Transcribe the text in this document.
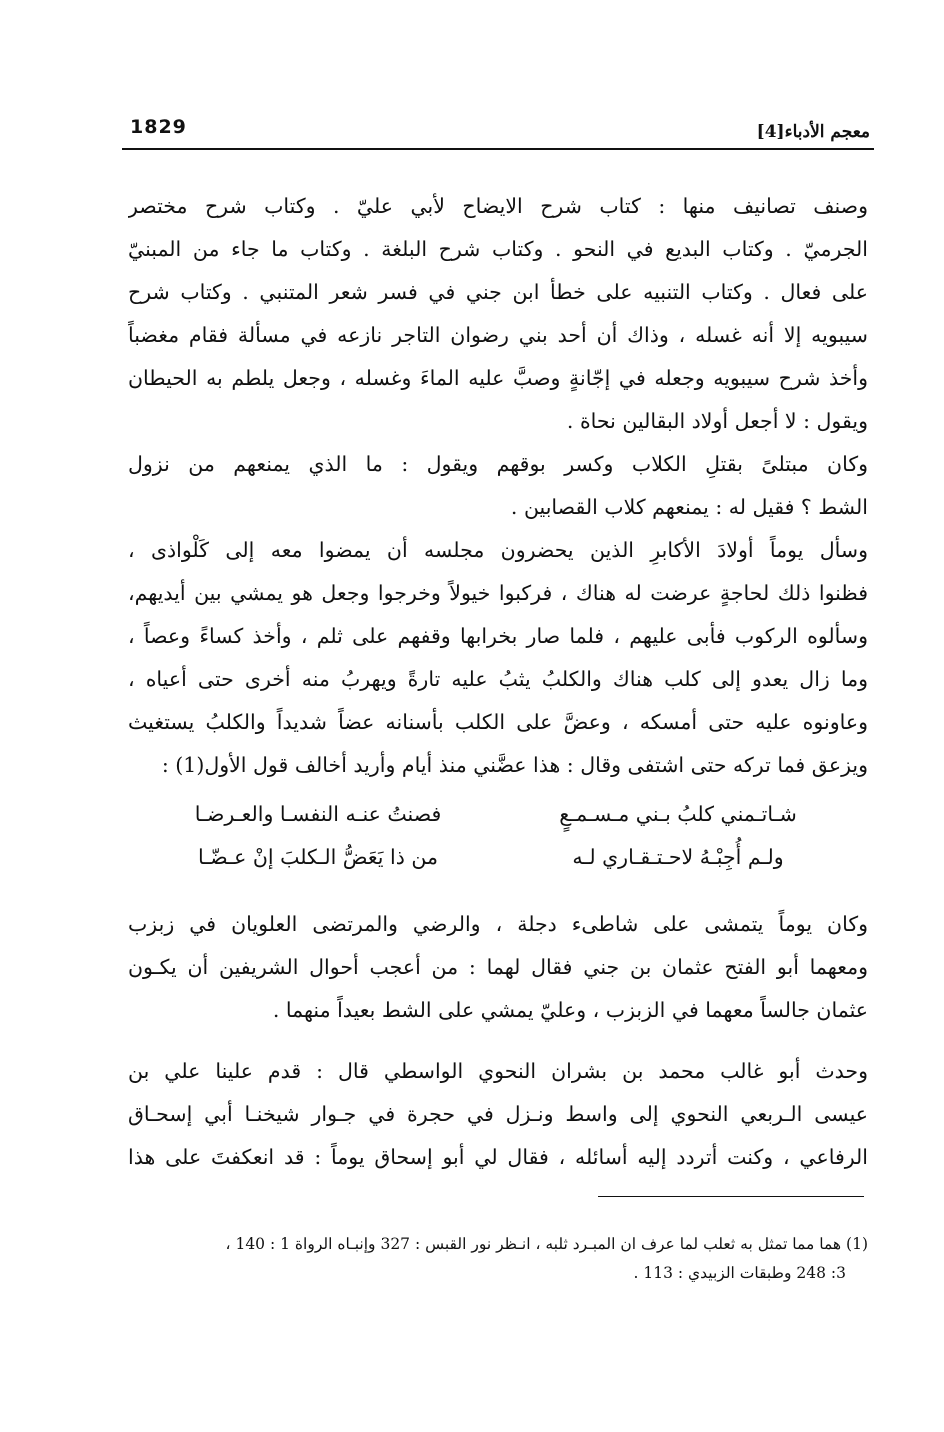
1829	معجم الأدباء[4]
وصنف تصانيف منها : كتاب شرح الايضاح لأبي عليّ . وكتاب شرح مختصر
الجرميّ . وكتاب البديع في النحو . وكتاب شرح البلغة . وكتاب ما جاء من المبنيّ
على فعال . وكتاب التنبيه على خطأ ابن جني في فسر شعر المتنبي . وكتاب شرح
سيبويه إلا أنه غسله ، وذاك أن أحد بني رضوان التاجر نازعه في مسألة فقام مغضباً
وأخذ شرح سيبويه وجعله في إجّانةٍ وصبَّ عليه الماءَ وغسله ، وجعل يلطم به الحيطان
ويقول : لا أجعل أولاد البقالين نحاة .
وكان مبتلىً بقتلِ الكلاب وكسر بوقهم ويقول : ما الذي يمنعهم من نزول
الشط ؟ فقيل له : يمنعهم كلاب القصابين .
وسأل يوماً أولادَ الأكابرِ الذين يحضرون مجلسه أن يمضوا معه إلى كَلْواذى ،
فظنوا ذلك لحاجةٍ عرضت له هناك ، فركبوا خيولاً وخرجوا وجعل هو يمشي بين أيديهم،
وسألوه الركوب فأبى عليهم ، فلما صار بخرابها وقفهم على ثلم ، وأخذ كساءً وعصاً ،
وما زال يعدو إلى كلب هناك والكلبُ يثبُ عليه تارةً ويهربُ منه أخرى حتى أعياه ،
وعاونوه عليه حتى أمسكه ، وعضَّ على الكلب بأسنانه عضاً شديداً والكلبُ يستغيث
ويزعق فما تركه حتى اشتفى وقال : هذا عضَّني منذ أيام وأريد أخالف قول الأول(1) :
شـاتـمني كلبُ بـني مـسـمـعٍ
فصنتُ عنـه النفسـا والعـرضـا
ولـم أُجِبْـهُ لاحـتـقـاري لـه
من ذا يَعَضُّ الـكلبَ إنْ عـضّـا
وكان يوماً يتمشى على شاطىء دجلة ، والرضي والمرتضى العلويان في زبزب
ومعهما أبو الفتح عثمان بن جني فقال لهما : من أعجب أحوال الشريفين أن يكـون
عثمان جالساً معهما في الزبزب ، وعليّ يمشي على الشط بعيداً منهما .
وحدث أبو غالب محمد بن بشران النحوي الواسطي قال : قدم علينا علي بن
عيسى الـربعي النحوي إلى واسط ونـزل في حجرة في جـوار شيخنـا أبي إسحـاق
الرفاعي ، وكنت أتردد إليه أسائله ، فقال لي أبو إسحاق يوماً : قد انعكفتَ على هذا
(1) هما مما تمثل به ثعلب لما عرف ان المبـرد ثلبه ، انـظر نور القبس : 327 وإنبـاه الرواة 1 : 140 ،
3: 248 وطبقات الزبيدي : 113 .
